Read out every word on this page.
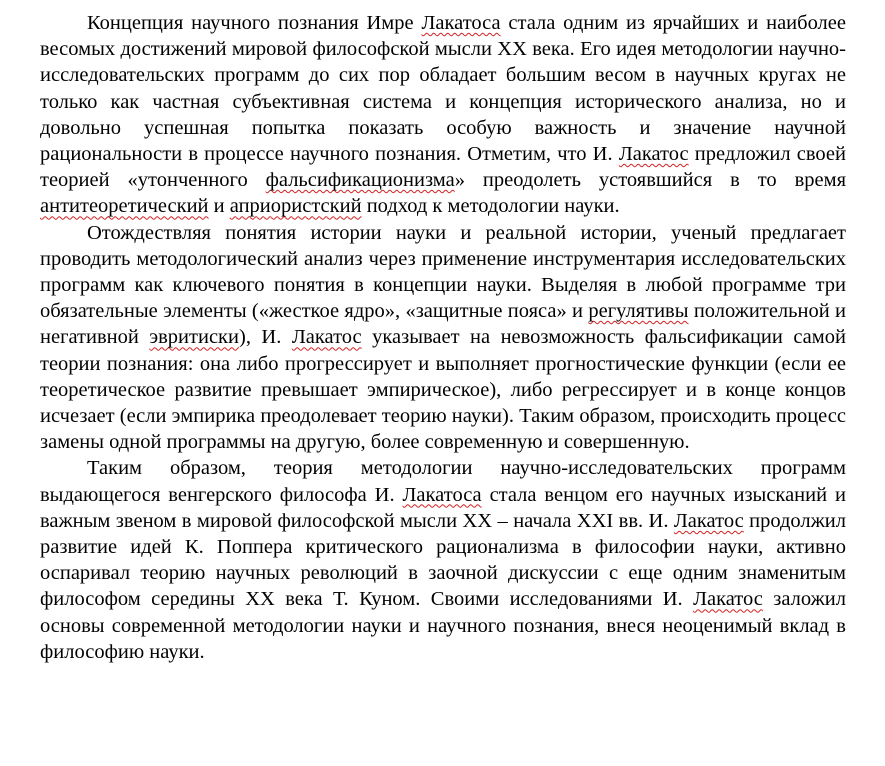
Концепция научного познания Имре Лакатоса стала одним из ярчайших и наиболее весомых достижений мировой философской мысли ХХ века. Его идея методологии научно-исследовательских программ до сих пор обладает большим весом в научных кругах не только как частная субъективная система и концепция исторического анализа, но и довольно успешная попытка показать особую важность и значение научной рациональности в процессе научного познания. Отметим, что И. Лакатос предложил своей теорией «утонченного фальсификационизма» преодолеть устоявшийся в то время антитеоретический и априористский подход к методологии науки.

Отождествляя понятия истории науки и реальной истории, ученый предлагает проводить методологический анализ через применение инструментария исследовательских программ как ключевого понятия в концепции науки. Выделяя в любой программе три обязательные элементы («жесткое ядро», «защитные пояса» и регулятивы положительной и негативной эвритиски), И. Лакатос указывает на невозможность фальсификации самой теории познания: она либо прогрессирует и выполняет прогностические функции (если ее теоретическое развитие превышает эмпирическое), либо регрессирует и в конце концов исчезает (если эмпирика преодолевает теорию науки). Таким образом, происходить процесс замены одной программы на другую, более современную и совершенную.

Таким образом, теория методологии научно-исследовательских программ выдающегося венгерского философа И. Лакатоса стала венцом его научных изысканий и важным звеном в мировой философской мысли ХХ – начала XXI вв. И. Лакатос продолжил развитие идей К. Поппера критического рационализма в философии науки, активно оспаривал теорию научных революций в заочной дискуссии с еще одним знаменитым философом середины ХХ века Т. Куном. Своими исследованиями И. Лакатос заложил основы современной методологии науки и научного познания, внеся неоценимый вклад в философию науки.
